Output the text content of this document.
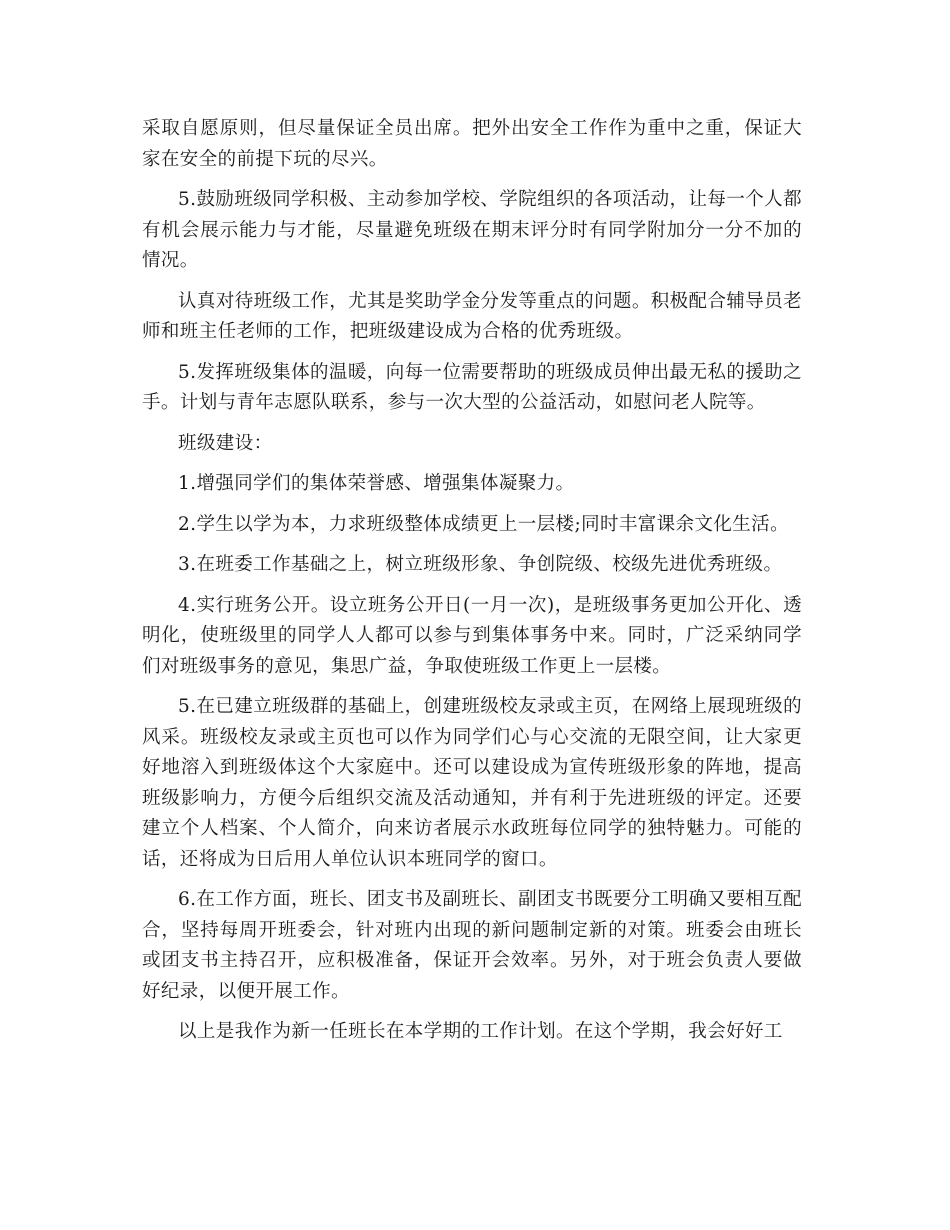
采取自愿原则，但尽量保证全员出席。把外出安全工作作为重中之重，保证大家在安全的前提下玩的尽兴。

5.鼓励班级同学积极、主动参加学校、学院组织的各项活动，让每一个人都有机会展示能力与才能，尽量避免班级在期末评分时有同学附加分一分不加的情况。

认真对待班级工作，尤其是奖助学金分发等重点的问题。积极配合辅导员老师和班主任老师的工作，把班级建设成为合格的优秀班级。

5.发挥班级集体的温暖，向每一位需要帮助的班级成员伸出最无私的援助之手。计划与青年志愿队联系，参与一次大型的公益活动，如慰问老人院等。

班级建设：

1.增强同学们的集体荣誉感、增强集体凝聚力。

2.学生以学为本，力求班级整体成绩更上一层楼;同时丰富课余文化生活。

3.在班委工作基础之上，树立班级形象、争创院级、校级先进优秀班级。

4.实行班务公开。设立班务公开日(一月一次)，是班级事务更加公开化、透明化，使班级里的同学人人都可以参与到集体事务中来。同时，广泛采纳同学们对班级事务的意见，集思广益，争取使班级工作更上一层楼。

5.在已建立班级群的基础上，创建班级校友录或主页，在网络上展现班级的风采。班级校友录或主页也可以作为同学们心与心交流的无限空间，让大家更好地溶入到班级体这个大家庭中。还可以建设成为宣传班级形象的阵地，提高班级影响力，方便今后组织交流及活动通知，并有利于先进班级的评定。还要建立个人档案、个人简介，向来访者展示水政班每位同学的独特魅力。可能的话，还将成为日后用人单位认识本班同学的窗口。

6.在工作方面，班长、团支书及副班长、副团支书既要分工明确又要相互配合，坚持每周开班委会，针对班内出现的新问题制定新的对策。班委会由班长或团支书主持召开，应积极准备，保证开会效率。另外，对于班会负责人要做好纪录，以便开展工作。

以上是我作为新一任班长在本学期的工作计划。在这个学期，我会好好工
